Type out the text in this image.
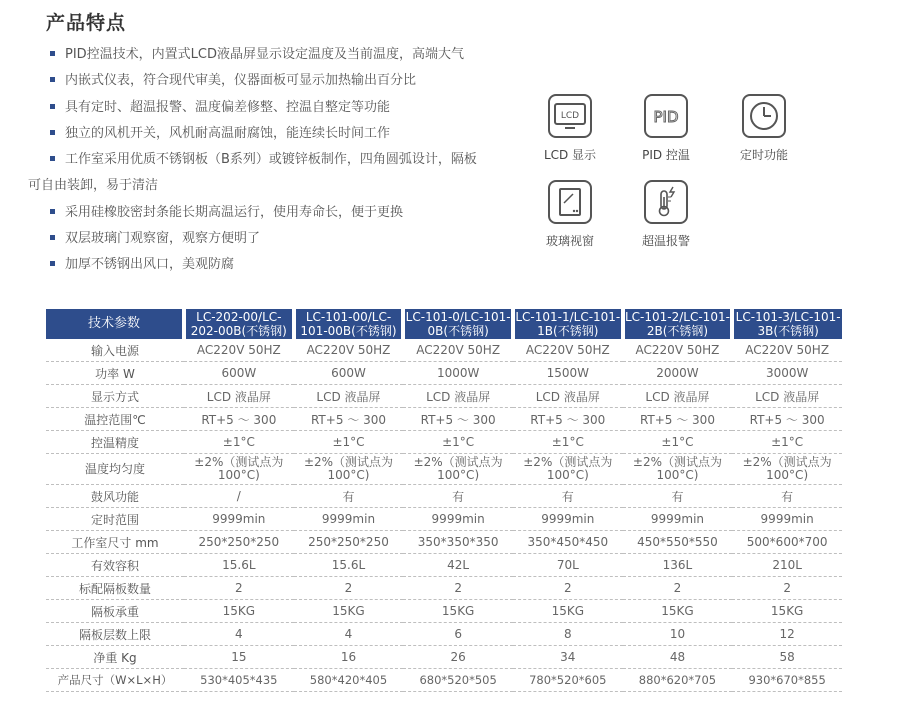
产品特点
PID控温技术，内置式LCD液晶屏显示设定温度及当前温度，高端大气
内嵌式仪表，符合现代审美，仪器面板可显示加热输出百分比
具有定时、超温报警、温度偏差修整、控温自整定等功能
独立的风机开关，风机耐高温耐腐蚀，能连续长时间工作
工作室采用优质不锈钢板（B系列）或镀锌板制作，四角圆弧设计，隔板
可自由装卸，易于清洁
采用硅橡胶密封条能长期高温运行，使用寿命长，便于更换
双层玻璃门观察窗，观察方便明了
加厚不锈钢出风口，美观防腐
LCD
LCD 显示
PID
PID 控温	定时功能
玻璃视窗	超温报警
技术参数	LC-202-00/LC-202-00B(不锈钢)	LC-101-00/LC-101-00B(不锈钢)	LC-101-0/LC-101-0B(不锈钢)	LC-101-1/LC-101-1B(不锈钢)	LC-101-2/LC-101-2B(不锈钢)	LC-101-3/LC-101-3B(不锈钢)
输入电源	AC220V 50HZ	AC220V 50HZ	AC220V 50HZ	AC220V 50HZ	AC220V 50HZ	AC220V 50HZ
功率 W	600W	600W	1000W	1500W	2000W	3000W
显示方式	LCD 液晶屏	LCD 液晶屏	LCD 液晶屏	LCD 液晶屏	LCD 液晶屏	LCD 液晶屏
温控范围℃	RT+5 ～ 300	RT+5 ～ 300	RT+5 ～ 300	RT+5 ～ 300	RT+5 ～ 300	RT+5 ～ 300
控温精度	±1°C	±1°C	±1°C	±1°C	±1°C	±1°C
温度均匀度	±2%（测试点为100°C)	±2%（测试点为100°C)	±2%（测试点为100°C)	±2%（测试点为100°C)	±2%（测试点为100°C)	±2%（测试点为100°C)
鼓风功能	/	有	有	有	有	有
定时范围	9999min	9999min	9999min	9999min	9999min	9999min
工作室尺寸 mm	250*250*250	250*250*250	350*350*350	350*450*450	450*550*550	500*600*700
有效容积	15.6L	15.6L	42L	70L	136L	210L
标配隔板数量	2	2	2	2	2	2
隔板承重	15KG	15KG	15KG	15KG	15KG	15KG
隔板层数上限	4	4	6	8	10	12
净重 Kg	15	16	26	34	48	58
产品尺寸（W×L×H）	530*405*435	580*420*405	680*520*505	780*520*605	880*620*705	930*670*855
